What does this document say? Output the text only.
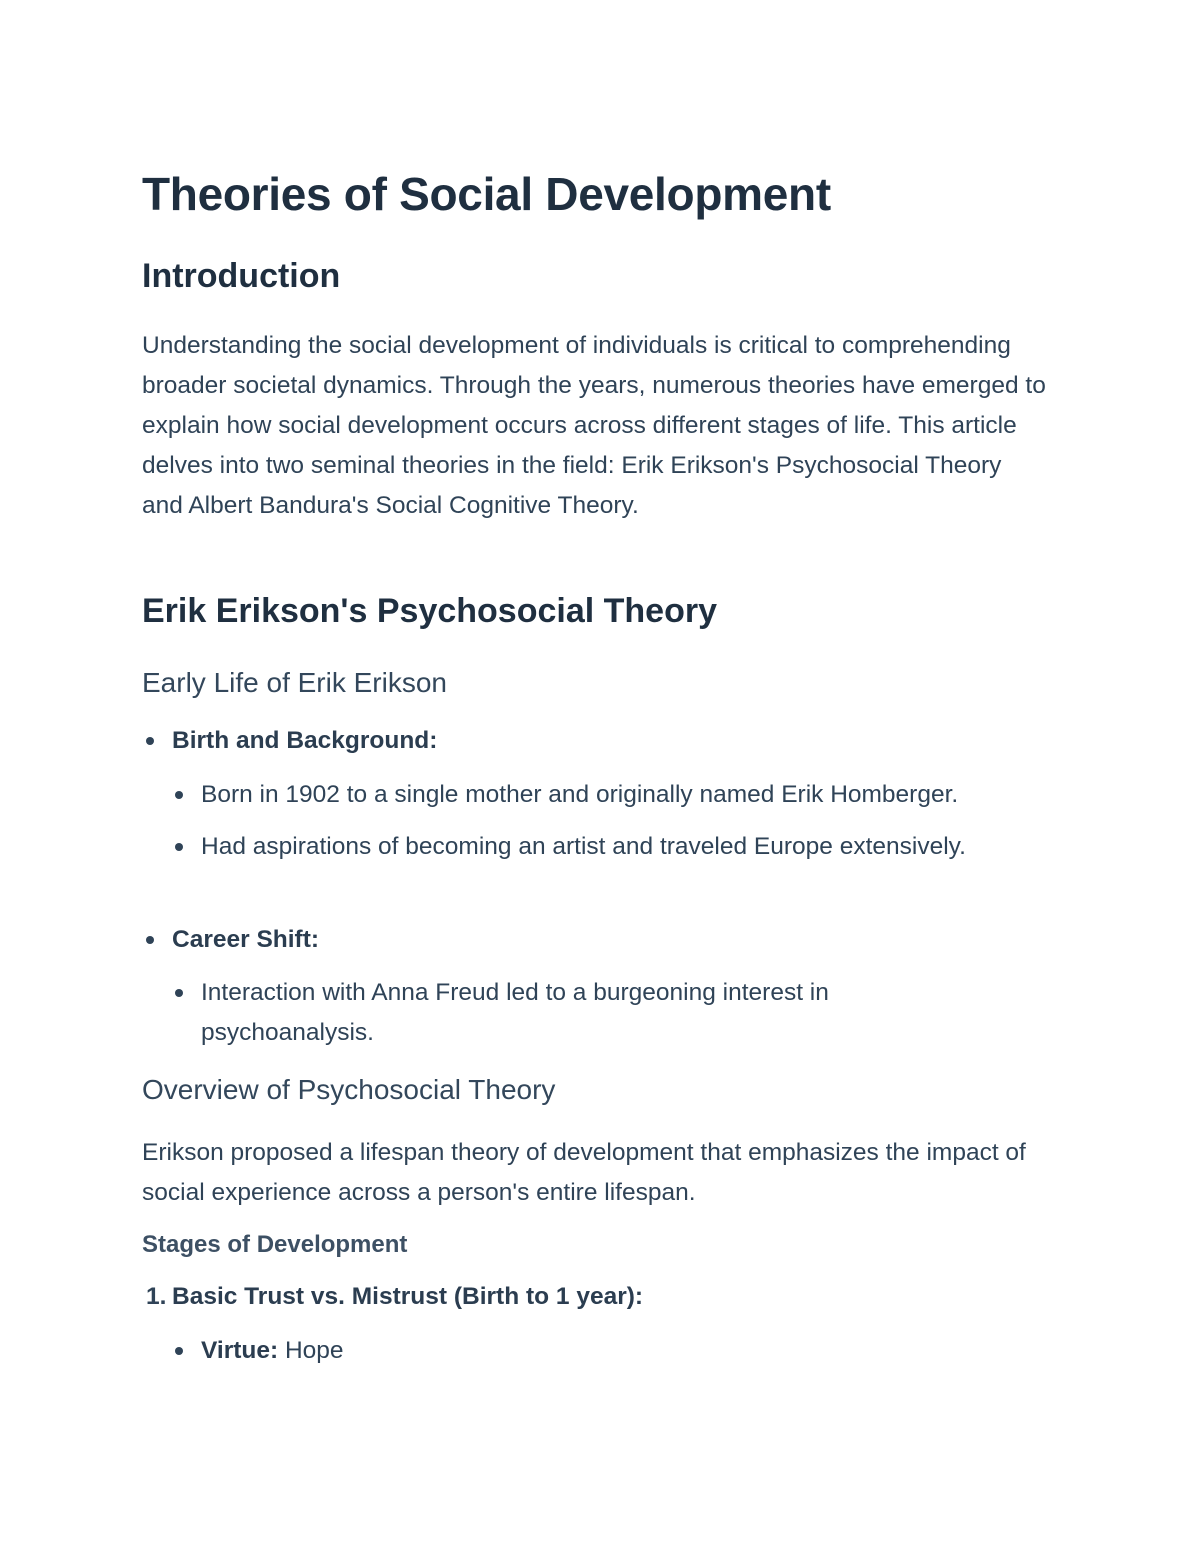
Theories of Social Development
Introduction

Understanding the social development of individuals is critical to comprehending broader societal dynamics. Through the years, numerous theories have emerged to explain how social development occurs across different stages of life. This article delves into two seminal theories in the field: Erik Erikson's Psychosocial Theory and Albert Bandura's Social Cognitive Theory.

Erik Erikson's Psychosocial Theory
Early Life of Erik Erikson
Birth and Background:
Born in 1902 to a single mother and originally named Erik Homberger.
Had aspirations of becoming an artist and traveled Europe extensively.
Career Shift:
Interaction with Anna Freud led to a burgeoning interest in psychoanalysis.
Overview of Psychosocial Theory

Erikson proposed a lifespan theory of development that emphasizes the impact of social experience across a person's entire lifespan.

Stages of Development
1. Basic Trust vs. Mistrust (Birth to 1 year):
Virtue: Hope
